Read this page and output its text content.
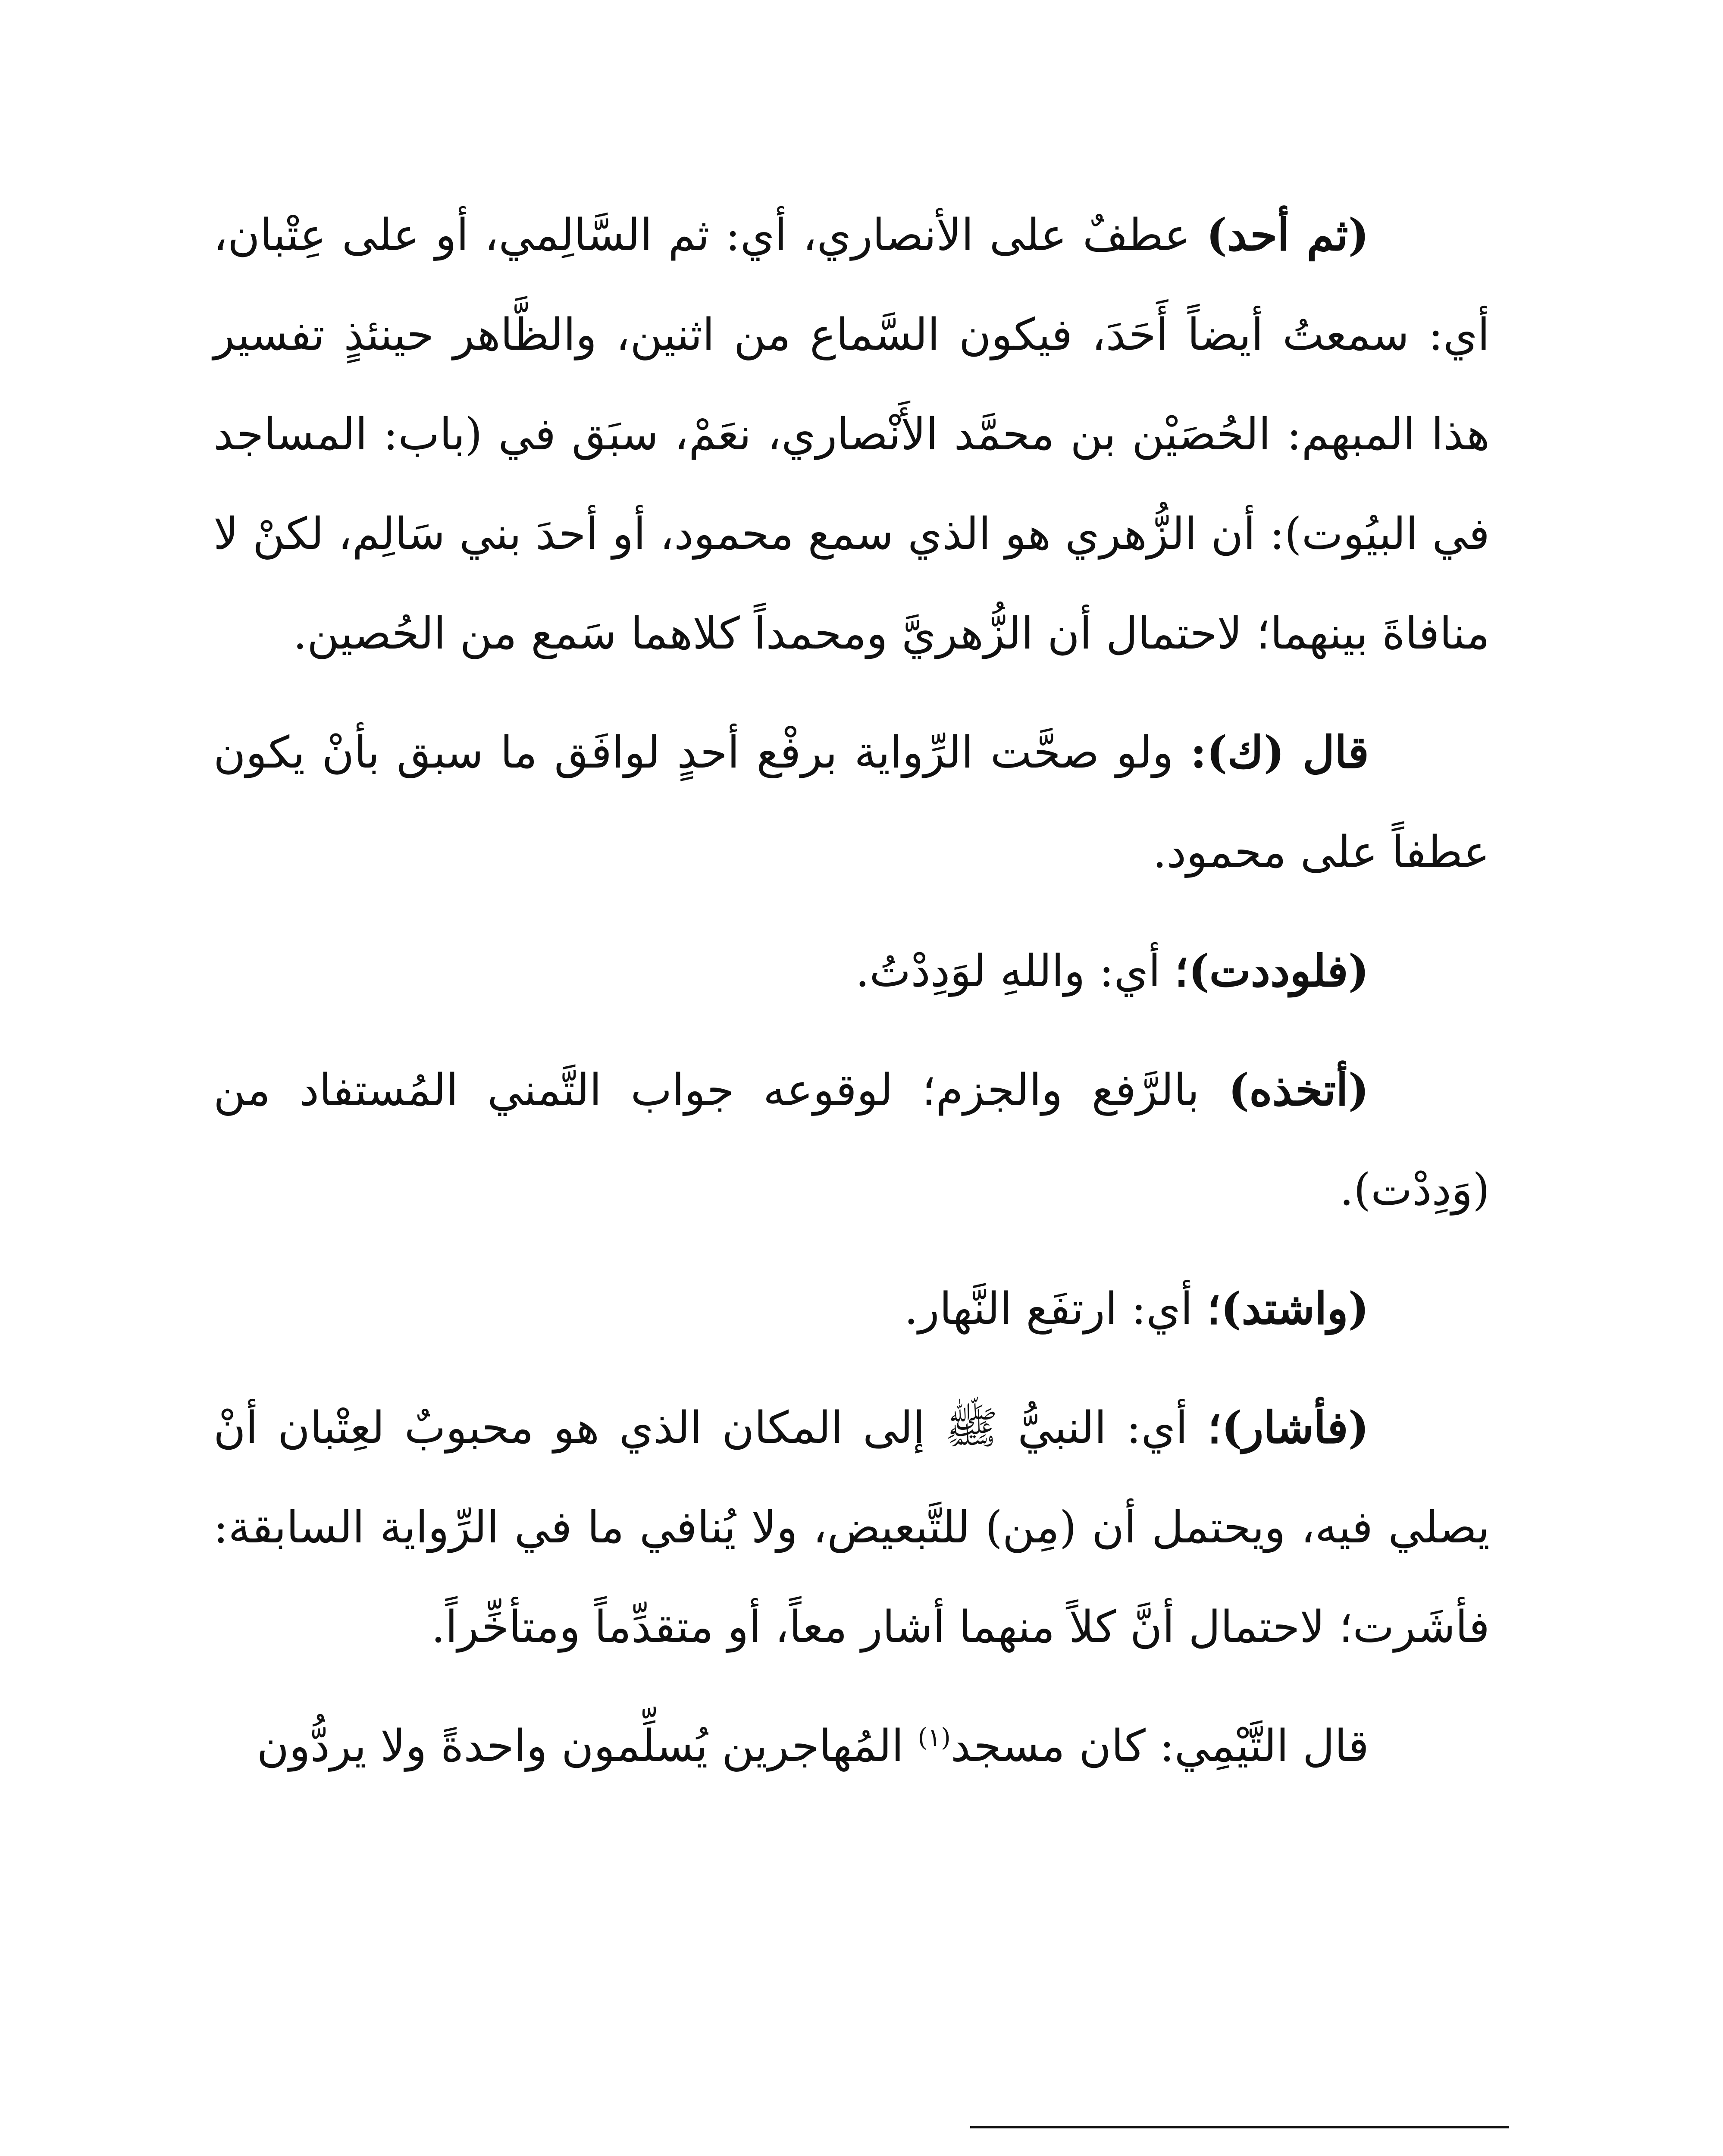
(ثم أحد) عطفٌ على الأنصاري، أي: ثم السَّالِمي، أو على عِتْبان، أي: سمعتُ أيضاً أَحَدَ، فيكون السَّماع من اثنين، والظَّاهر حينئذٍ تفسير هذا المبهم: الحُصَيْن بن محمَّد الأَنْصاري، نعَمْ، سبَق في (باب: المساجد في البيُوت): أن الزُّهري هو الذي سمع محمود، أو أحدَ بني سَالِم، لكنْ لا منافاةَ بينهما؛ لاحتمال أن الزُّهريَّ ومحمداً كلاهما سَمع من الحُصين.

قال (ك): ولو صحَّت الرِّواية برفْع أحدٍ لوافَق ما سبق بأنْ يكون عطفاً على محمود.

(فلوددت)؛ أي: واللهِ لوَدِدْتُ.

(أتخذه) بالرَّفع والجزم؛ لوقوعه جواب التَّمني المُستفاد من (وَدِدْت).

(واشتد)؛ أي: ارتفَع النَّهار.

(فأشار)؛ أي: النبيُّ ﷺ إلى المكان الذي هو محبوبٌ لعِتْبان أنْ يصلي فيه، ويحتمل أن (مِن) للتَّبعيض، ولا يُنافي ما في الرِّواية السابقة: فأشَرت؛ لاحتمال أنَّ كلاً منهما أشار معاً، أو متقدِّماً ومتأخِّراً.

قال التَّيْمِي: كان مسجد$^{(١)}$ المُهاجرين يُسلِّمون واحدةً ولا يردُّون
